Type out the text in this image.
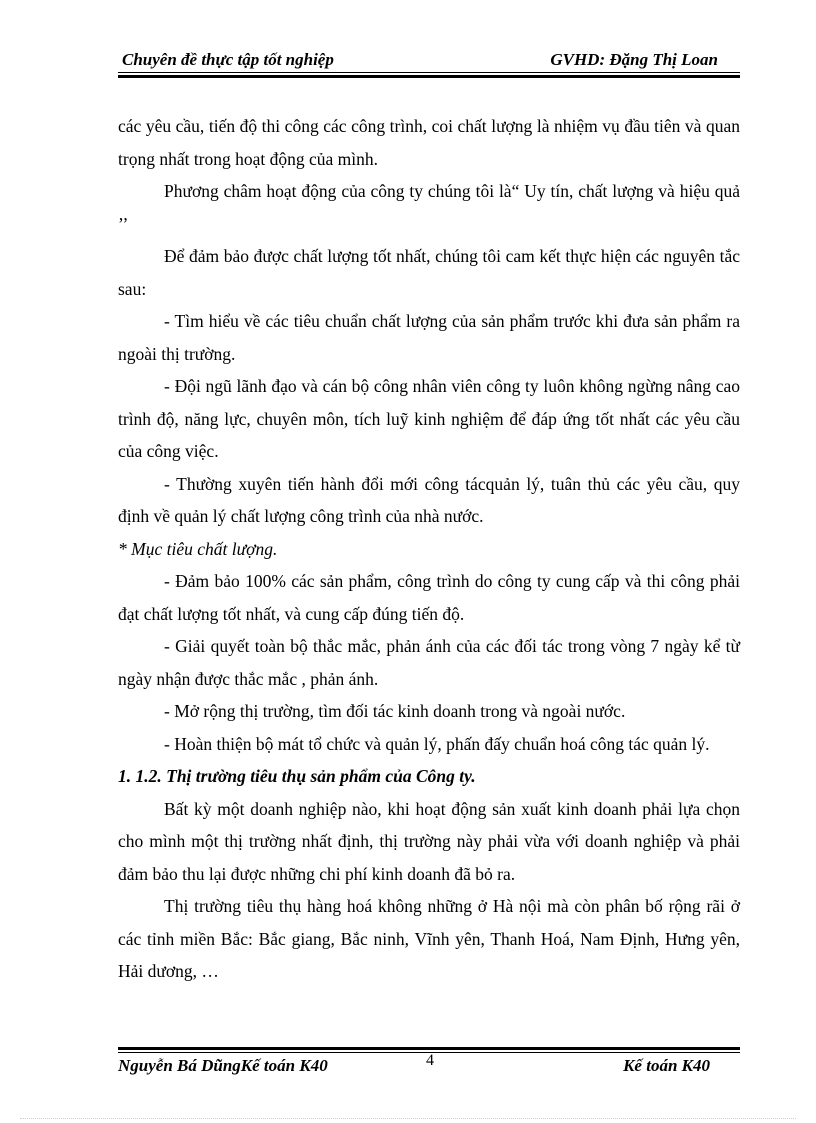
Chuyên đề thực tập tốt nghiệp	GVHD: Đặng Thị Loan

các yêu cầu, tiến độ thi công các công trình, coi chất lượng là nhiệm vụ đầu tiên và quan trọng nhất trong hoạt động của mình.

Phương châm hoạt động của công ty chúng tôi là“ Uy tín, chất lượng và hiệu quả ’’

Để đảm bảo được chất lượng tốt nhất, chúng tôi cam kết thực hiện các nguyên tắc sau:

- Tìm hiểu về các tiêu chuẩn chất lượng của sản phẩm trước khi đưa sản phẩm ra ngoài thị trường.

- Đội ngũ lãnh đạo và cán bộ công nhân viên công ty luôn không ngừng nâng cao trình độ, năng lực, chuyên môn, tích luỹ kinh nghiệm để đáp ứng tốt nhất các yêu cầu của công việc.

- Thường xuyên tiến hành đổi mới công tácquản lý, tuân thủ các yêu cầu, quy định về quản lý chất lượng công trình của nhà nước.

* Mục tiêu chất lượng.

- Đảm bảo 100% các sản phẩm, công trình do công ty cung cấp và thi công phải đạt chất lượng tốt nhất, và cung cấp đúng tiến độ.

- Giải quyết toàn bộ thắc mắc, phản ánh của các đối tác trong vòng 7 ngày kể từ ngày nhận được thắc mắc , phản ánh.

- Mở rộng thị trường, tìm đối tác kinh doanh trong và ngoài nước.

- Hoàn thiện bộ mát tổ chức và quản lý, phấn đấy chuẩn hoá công tác quản lý.

1. 1.2. Thị trường tiêu thụ sản phẩm của Công ty.

Bất kỳ một doanh nghiệp nào, khi hoạt động sản xuất kinh doanh phải lựa chọn cho mình một thị trường nhất định, thị trường này phải vừa với doanh nghiệp và phải đảm bảo thu lại được những chi phí kinh doanh đã bỏ ra.

Thị trường tiêu thụ hàng hoá không những ở Hà nội mà còn phân bố rộng rãi ở các tỉnh miền Bắc: Bắc giang, Bắc ninh, Vĩnh yên, Thanh Hoá, Nam Định, Hưng yên, Hải dương, …

Nguyễn Bá DũngKế toán K40	4	Kế toán K40
